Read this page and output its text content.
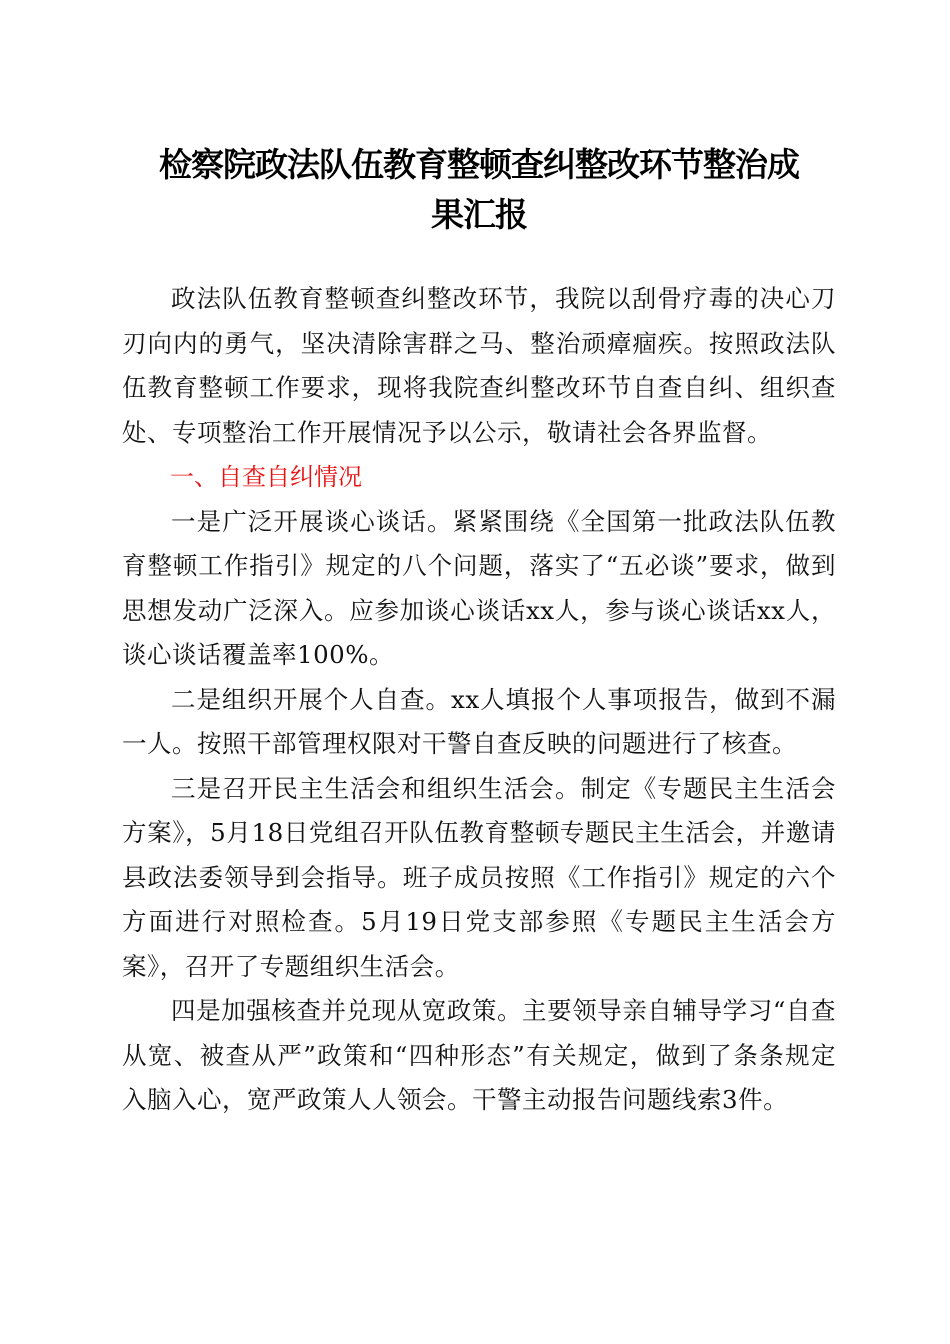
检察院政法队伍教育整顿查纠整改环节整治成
果汇报

政法队伍教育整顿查纠整改环节，我院以刮骨疗毒的决心刀刃向内的勇气，坚决清除害群之马、整治顽瘴痼疾。按照政法队伍教育整顿工作要求，现将我院查纠整改环节自查自纠、组织查处、专项整治工作开展情况予以公示，敬请社会各界监督。

一、自查自纠情况

一是广泛开展谈心谈话。紧紧围绕《全国第一批政法队伍教育整顿工作指引》规定的八个问题，落实了“五必谈”要求，做到思想发动广泛深入。应参加谈心谈话xx人，参与谈心谈话xx人，谈心谈话覆盖率100%。

二是组织开展个人自查。xx人填报个人事项报告，做到不漏一人。按照干部管理权限对干警自查反映的问题进行了核查。

三是召开民主生活会和组织生活会。制定《专题民主生活会方案》，5月18日党组召开队伍教育整顿专题民主生活会，并邀请县政法委领导到会指导。班子成员按照《工作指引》规定的六个方面进行对照检查。5月19日党支部参照《专题民主生活会方案》，召开了专题组织生活会。

四是加强核查并兑现从宽政策。主要领导亲自辅导学习“自查从宽、被查从严”政策和“四种形态”有关规定，做到了条条规定入脑入心，宽严政策人人领会。干警主动报告问题线索3件。
